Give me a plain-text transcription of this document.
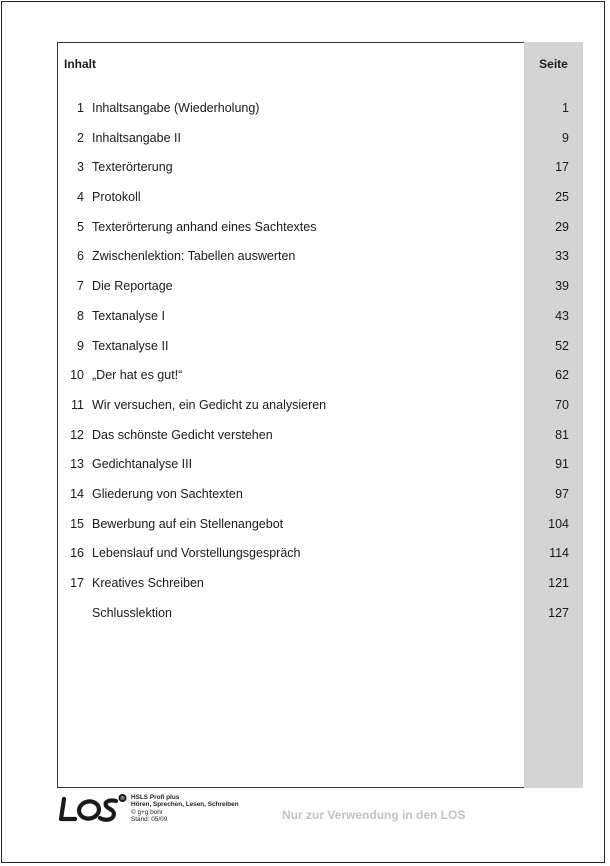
Inhalt	Seite
1 Inhaltsangabe (Wiederholung)	1
2 Inhaltsangabe II	9
3 Texterörterung	17
4 Protokoll	25
5 Texterörterung anhand eines Sachtextes	29
6 Zwischenlektion: Tabellen auswerten	33
7 Die Reportage	39
8 Textanalyse I	43
9 Textanalyse II	52
10 „Der hat es gut!“	62
11 Wir versuchen, ein Gedicht zu analysieren	70
12 Das schönste Gedicht verstehen	81
13 Gedichtanalyse III	91
14 Gliederung von Sachtexten	97
15 Bewerbung auf ein Stellenangebot	104
16 Lebenslauf und Vorstellungsgespräch	114
17 Kreatives Schreiben	121
Schlusslektion	127
® HSLS Profi plus
Hören, Sprechen, Lesen, Schreiben
© g+g bohr
Stand: 05/09	Nur zur Verwendung in den LOS
